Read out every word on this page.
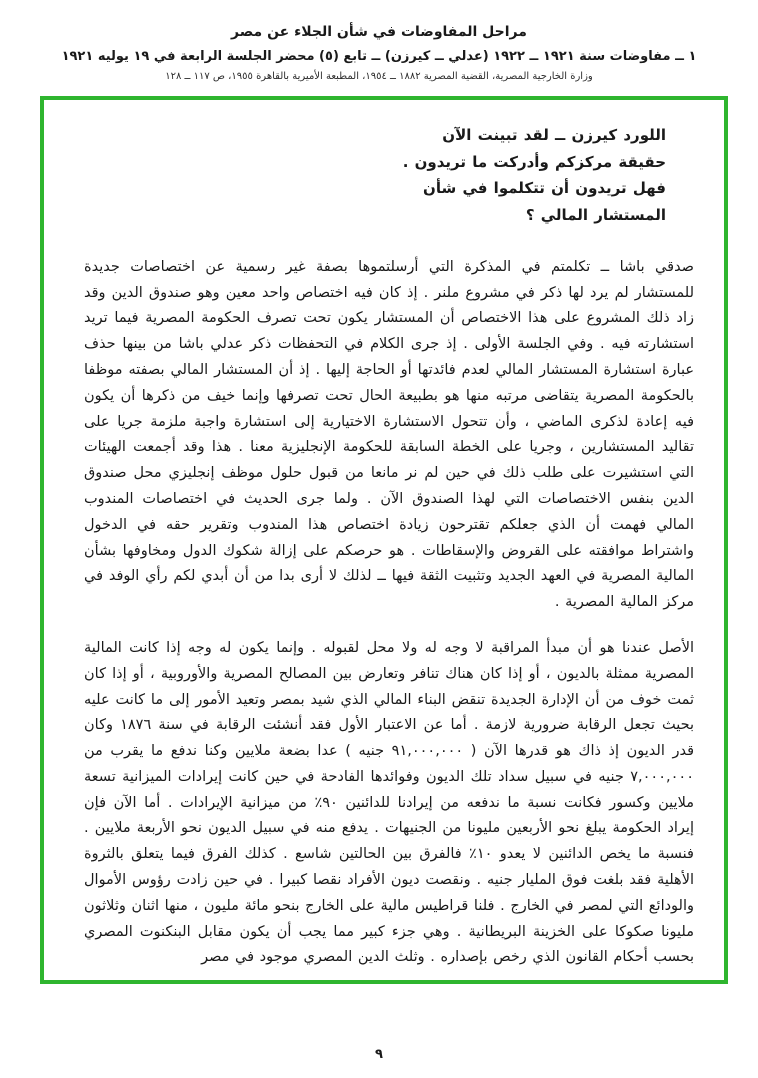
مراحل المفاوضات في شأن الجلاء عن مصر
١ ــ مفاوضات سنة ١٩٢١ ــ ١٩٢٢ (عدلي ــ كيرزن) ــ تابع (٥) محضر الجلسة الرابعة في ١٩ يوليه ١٩٢١
وزارة الخارجية المصرية، القضية المصرية ١٨٨٢ ــ ١٩٥٤، المطبعة الأميرية بالقاهرة ١٩٥٥، ص ١١٧ ــ ١٢٨

اللورد كيرزن ــ لقد تبينت الآن حقيقة مركزكم وأدركت ما تريدون . فهل تريدون أن تتكلموا في شأن المستشار المالي ؟

صدقي باشا ــ تكلمتم في المذكرة التي أرسلتموها بصفة غير رسمية عن اختصاصات جديدة للمستشار لم يرد لها ذكر في مشروع ملنر . إذ كان فيه اختصاص واحد معين وهو صندوق الدين وقد زاد ذلك المشروع على هذا الاختصاص أن المستشار يكون تحت تصرف الحكومة المصرية فيما تريد استشارته فيه . وفي الجلسة الأولى . إذ جرى الكلام في التحفظات ذكر عدلي باشا من بينها حذف عبارة استشارة المستشار المالي لعدم فائدتها أو الحاجة إليها . إذ أن المستشار المالي بصفته موظفا بالحكومة المصرية يتقاضى مرتبه منها هو بطبيعة الحال تحت تصرفها وإنما خيف من ذكرها أن يكون فيه إعادة لذكرى الماضي ، وأن تتحول الاستشارة الاختيارية إلى استشارة واجبة ملزمة جريا على تقاليد المستشارين ، وجريا على الخطة السابقة للحكومة الإنجليزية معنا . هذا وقد أجمعت الهيئات التي استشيرت على طلب ذلك في حين لم نر مانعا من قبول حلول موظف إنجليزي محل صندوق الدين بنفس الاختصاصات التي لهذا الصندوق الآن . ولما جرى الحديث في اختصاصات المندوب المالي فهمت أن الذي جعلكم تقترحون زيادة اختصاص هذا المندوب وتقرير حقه في الدخول واشتراط موافقته على القروض والإسقاطات . هو حرصكم على إزالة شكوك الدول ومخاوفها بشأن المالية المصرية في العهد الجديد وتثبيت الثقة فيها ــ لذلك لا أرى بدا من أن أبدي لكم رأي الوفد في مركز المالية المصرية .

الأصل عندنا هو أن مبدأ المراقبة لا وجه له ولا محل لقبوله . وإنما يكون له وجه إذا كانت المالية المصرية ممثلة بالديون ، أو إذا كان هناك تنافر وتعارض بين المصالح المصرية والأوروبية ، أو إذا كان ثمت خوف من أن الإدارة الجديدة تنقض البناء المالي الذي شيد بمصر وتعيد الأمور إلى ما كانت عليه بحيث تجعل الرقابة ضرورية لازمة . أما عن الاعتبار الأول فقد أنشئت الرقابة في سنة ١٨٧٦ وكان قدر الديون إذ ذاك هو قدرها الآن ( ٩١,٠٠٠,٠٠٠ جنيه ) عدا بضعة ملايين وكنا ندفع ما يقرب من ٧,٠٠٠,٠٠٠ جنيه في سبيل سداد تلك الديون وفوائدها الفادحة في حين كانت إيرادات الميزانية تسعة ملايين وكسور فكانت نسبة ما ندفعه من إيرادنا للدائنين ٩٠٪ من ميزانية الإيرادات . أما الآن فإن إيراد الحكومة يبلغ نحو الأربعين مليونا من الجنيهات . يدفع منه في سبيل الديون نحو الأربعة ملايين . فنسبة ما يخص الدائنين لا يعدو ١٠٪ فالفرق بين الحالتين شاسع . كذلك الفرق فيما يتعلق بالثروة الأهلية فقد بلغت فوق المليار جنيه . ونقصت ديون الأفراد نقصا كبيرا . في حين زادت رؤوس الأموال والودائع التي لمصر في الخارج . فلنا قراطيس مالية على الخارج بنحو مائة مليون ، منها اثنان وثلاثون مليونا صكوكا على الخزينة البريطانية . وهي جزء كبير مما يجب أن يكون مقابل البنكنوت المصري بحسب أحكام القانون الذي رخص بإصداره . وثلث الدين المصري موجود في مصر

٩
